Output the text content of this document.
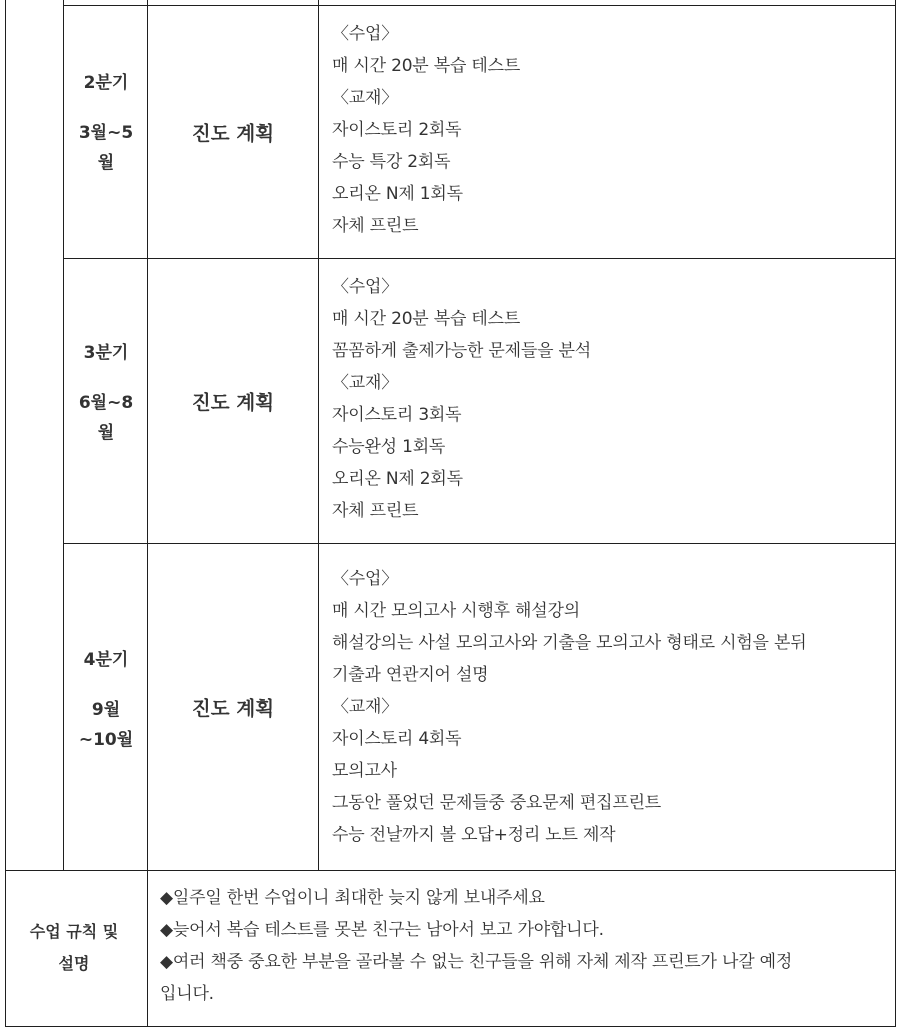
2분기
3월~5
월
진도 계획
〈수업〉
매 시간 20분 복습 테스트
〈교재〉
자이스토리 2회독
수능 특강 2회독
오리온 N제 1회독
자체 프린트
3분기
6월~8
월
진도 계획
〈수업〉
매 시간 20분 복습 테스트
꼼꼼하게 출제가능한 문제들을 분석
〈교재〉
자이스토리 3회독
수능완성 1회독
오리온 N제 2회독
자체 프린트
4분기
9월
~10월
진도 계획
〈수업〉
매 시간 모의고사 시행후 해설강의
해설강의는 사설 모의고사와 기출을 모의고사 형태로 시험을 본뒤
기출과 연관지어 설명
〈교재〉
자이스토리 4회독
모의고사
그동안 풀었던 문제들중 중요문제 편집프린트
수능 전날까지 볼 오답+정리 노트 제작
수업 규칙 및
설명
◆일주일 한번 수업이니 최대한 늦지 않게 보내주세요
◆늦어서 복습 테스트를 못본 친구는 남아서 보고 가야합니다.
◆여러 책중 중요한 부분을 골라볼 수 없는 친구들을 위해 자체 제작 프린트가 나갈 예정
입니다.
